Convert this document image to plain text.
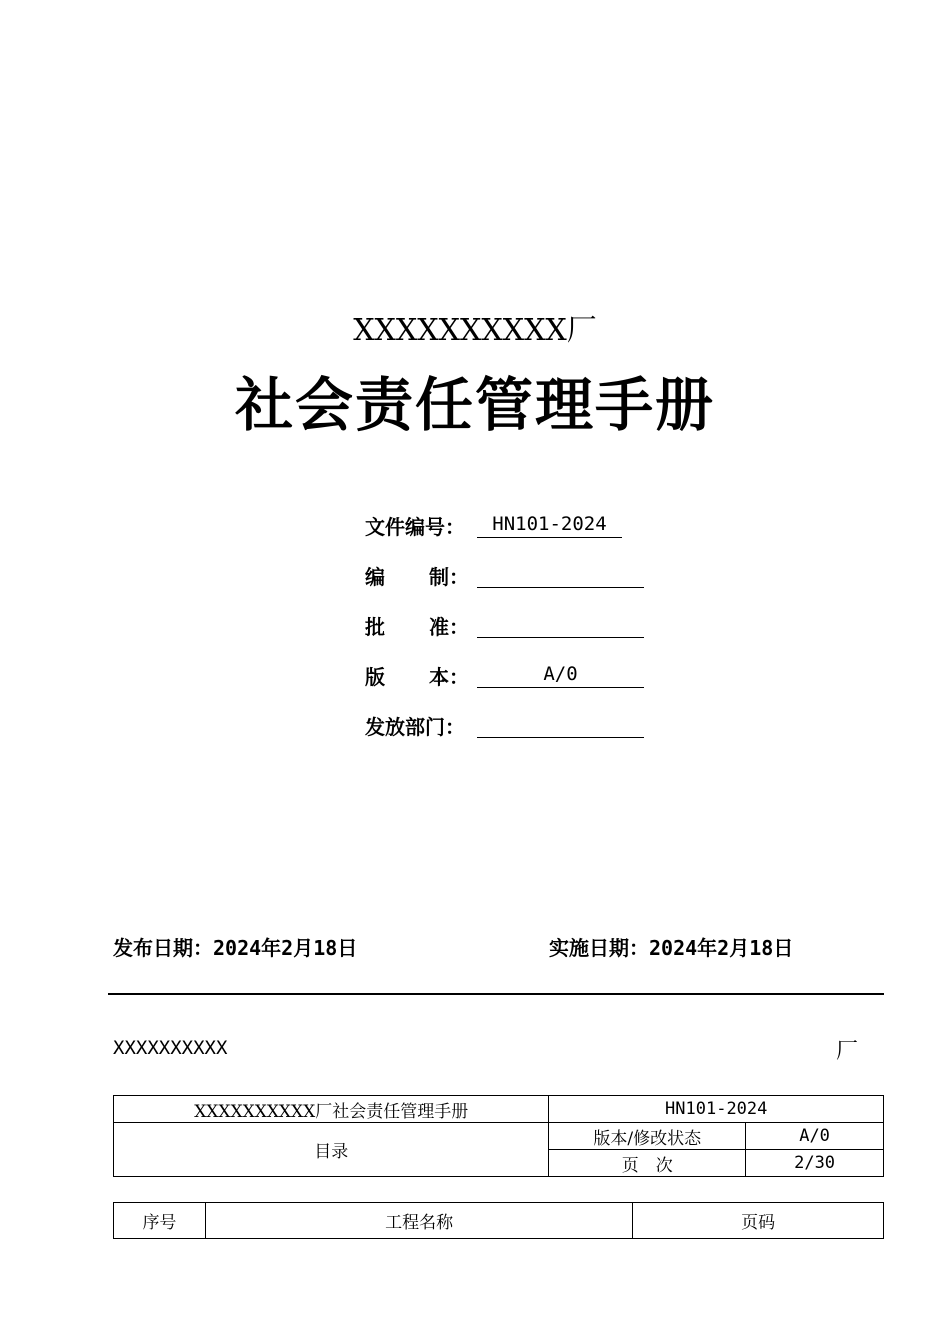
XXXXXXXXXX厂
社会责任管理手册
文件编号：	HN101-2024
编 制：
批 准：
版 本：	A/0
发放部门：
发布日期：2024年2月18日	实施日期：2024年2月18日
XXXXXXXXXX	厂
XXXXXXXXXX厂社会责任管理手册	HN101-2024	
目录	版本/修改状态	A/0
	页　次	2/30
序号	工程名称	页码
